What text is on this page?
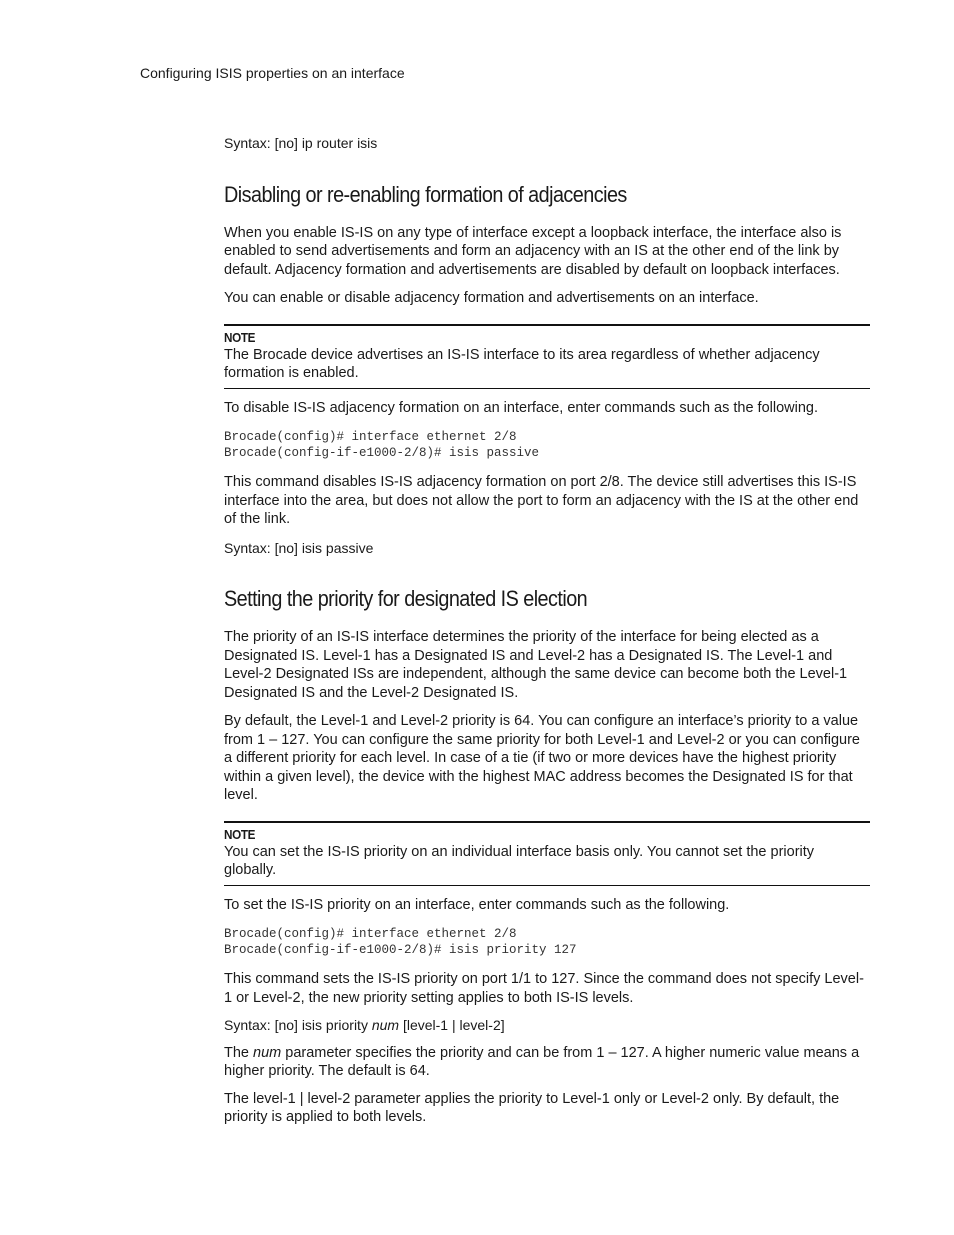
Configuring ISIS properties on an interface

Syntax: [no] ip router isis

Disabling or re-enabling formation of adjacencies

When you enable IS-IS on any type of interface except a loopback interface, the interface also is enabled to send advertisements and form an adjacency with an IS at the other end of the link by default. Adjacency formation and advertisements are disabled by default on loopback interfaces.

You can enable or disable adjacency formation and advertisements on an interface.

NOTE

The Brocade device advertises an IS-IS interface to its area regardless of whether adjacency formation is enabled.

To disable IS-IS adjacency formation on an interface, enter commands such as the following.

Brocade(config)# interface ethernet 2/8
Brocade(config-if-e1000-2/8)# isis passive

This command disables IS-IS adjacency formation on port 2/8. The device still advertises this IS-IS interface into the area, but does not allow the port to form an adjacency with the IS at the other end of the link.

Syntax: [no] isis passive

Setting the priority for designated IS election

The priority of an IS-IS interface determines the priority of the interface for being elected as a Designated IS. Level-1 has a Designated IS and Level-2 has a Designated IS. The Level-1 and Level-2 Designated ISs are independent, although the same device can become both the Level-1 Designated IS and the Level-2 Designated IS.

By default, the Level-1 and Level-2 priority is 64. You can configure an interface’s priority to a value from 1 – 127. You can configure the same priority for both Level-1 and Level-2 or you can configure a different priority for each level. In case of a tie (if two or more devices have the highest priority within a given level), the device with the highest MAC address becomes the Designated IS for that level.

NOTE

You can set the IS-IS priority on an individual interface basis only. You cannot set the priority globally.

To set the IS-IS priority on an interface, enter commands such as the following.

Brocade(config)# interface ethernet 2/8
Brocade(config-if-e1000-2/8)# isis priority 127

This command sets the IS-IS priority on port 1/1 to 127. Since the command does not specify Level-1 or Level-2, the new priority setting applies to both IS-IS levels.

Syntax: [no] isis priority num [level-1 | level-2]

The num parameter specifies the priority and can be from 1 – 127. A higher numeric value means a higher priority. The default is 64.

The level-1 | level-2 parameter applies the priority to Level-1 only or Level-2 only. By default, the priority is applied to both levels.
